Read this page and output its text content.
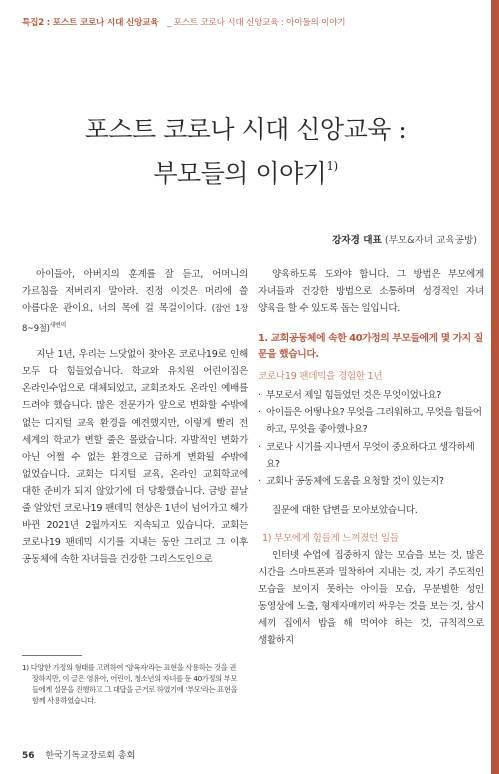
특집2 : 포스트 코로나 시대 신앙교육 _ 포스트 코로나 시대 신앙교육 : 아이들의 이야기
포스트 코로나 시대 신앙교육 :
부모들의 이야기$^{1)}$
강자경 대표 (부모&자녀 교육공방)

아이들아, 아버지의 훈계를 잘 듣고, 어머니의 가르침을 저버리지 말아라. 진정 이것은 머리에 쓸 아름다운 관이요, 너의 목에 걸 목걸이이다. (잠언 1장 8~9절)$^{새번역}$

지난 1년, 우리는 느닷없이 찾아온 코로나19로 인해 모두 다 힘들었습니다. 학교와 유치원 어린이집은 온라인수업으로 대체되었고, 교회조차도 온라인 예배를 드려야 했습니다. 많은 전문가가 앞으로 변화할 수밖에 없는 디지털 교육 환경을 예견했지만, 이렇게 빨리 전 세계의 학교가 변할 줄은 몰랐습니다. 자발적인 변화가 아닌 어쩔 수 없는 환경으로 급하게 변화될 수밖에 없었습니다. 교회는 디지털 교육, 온라인 교회학교에 대한 준비가 되지 않았기에 더 당황했습니다. 금방 끝날 줄 알았던 코로나19 팬데믹 현상은 1년이 넘어가고 해가 바뀐 2021년 2월까지도 지속되고 있습니다. 교회는 코로나19 팬데믹 시기를 지내는 동안 그리고 그 이후 공동체에 속한 자녀들을 건강한 그리스도인으로

양육하도록 도와야 합니다. 그 방법은 부모에게 자녀들과 건강한 방법으로 소통하며 성경적인 자녀 양육을 할 수 있도록 돕는 일입니다.

1. 교회공동체에 속한 40가정의 부모들에게 몇 가지 질문을 했습니다.
코로나19 팬데믹을 경험한 1년
· 부모로서 제일 힘들었던 것은 무엇이었나요?
· 아이들은 어떻나요? 무엇을 그리워하고, 무엇을 힘들어하고, 무엇을 좋아했나요?
· 코로나 시기를 지나면서 무엇이 중요하다고 생각하세요?
· 교회나 공동체에 도움을 요청할 것이 있는지?

질문에 대한 답변을 모아보았습니다.

1) 부모에게 힘들게 느껴졌던 일들

인터넷 수업에 집중하지 않는 모습을 보는 것, 많은 시간을 스마트폰과 밀착하여 지내는 것, 자기 주도적인 모습을 보이지 못하는 아이들 모습, 무분별한 성인 동영상에 노출, 형제자매끼리 싸우는 것을 보는 것, 삼시 세끼 집에서 밥을 해 먹여야 하는 것, 규칙적으로 생활하지

1) 다양한 가정의 형태를 고려하여 '양육자'라는 표현을 사용하는 것을 권장하지만, 이 글은 영유아, 어린이, 청소년의 자녀를 둔 40가정의 부모들에게 설문을 진행하고 그 대답을 근거로 하였기에 '부모'라는 표현을 함께 사용하였습니다.
56 한국기독교장로회 총회
